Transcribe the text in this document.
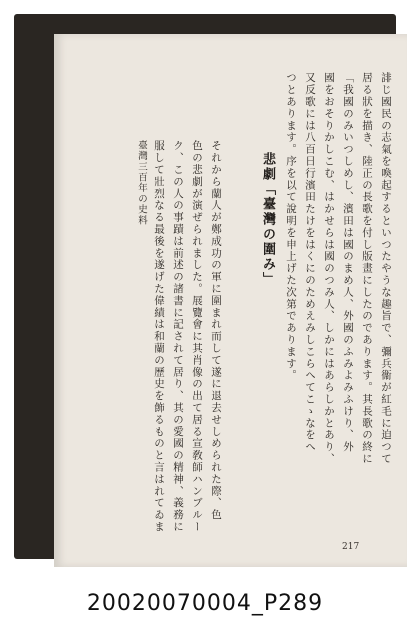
誹じ國民の志氣を喚起するといつたやうな趣旨で、彌兵衞が紅毛に迫つて
居る狀を描き、陸正の長歌を付し版畫にしたのであります。其長歌の終に
「我國のみいつしめし、濱田は國のまめ人、外國のふみよみふけり、外
國をおそりかしこむ、はかせらは國のつみ人、しかにはあらしかとあり、
又反歌には八百日行濱田たけをはくにのためえみしこらへてこゝなをへ
つとあります。序を以て說明を申上げた次第であります。
悲劇「臺灣の圍み」
それから蘭人が鄭成功の軍に圍まれ而して遂に退去せしめられた際、色
色の悲劇が演ぜられました。展覽會に其肖像の出て居る宣敎師ハンブルー
ク、この人の事蹟は前述の諸書に記されて居り、其の愛國の精神、義務に
服して壯烈なる最後を遂げた偉績は和蘭の歷史を飾るものと言はれてゐま
臺灣三百年の史料
217
20020070004_P289
